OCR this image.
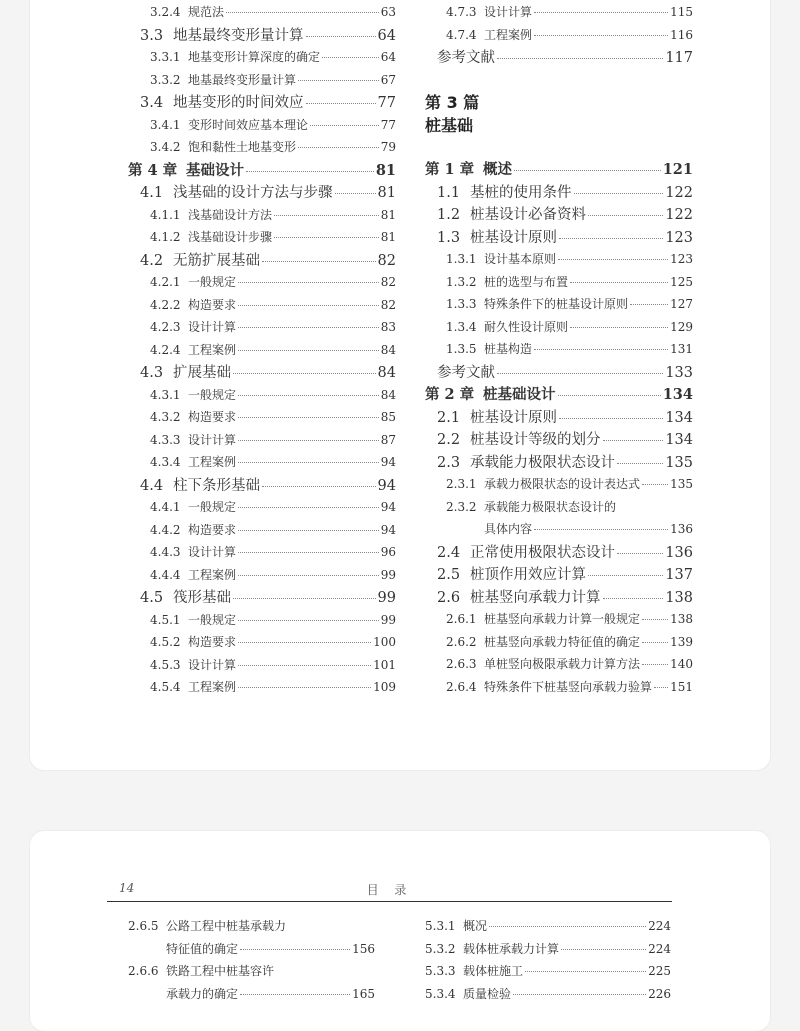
3.2.4 规范法	63
3.3 地基最终变形量计算	64
3.3.1 地基变形计算深度的确定	64
3.3.2 地基最终变形量计算	67
3.4 地基变形的时间效应	77
3.4.1 变形时间效应基本理论	77
3.4.2 饱和黏性土地基变形	79
第 4 章 基础设计	81
4.1 浅基础的设计方法与步骤	81
4.1.1 浅基础设计方法	81
4.1.2 浅基础设计步骤	81
4.2 无筋扩展基础	82
4.2.1 一般规定	82
4.2.2 构造要求	82
4.2.3 设计计算	83
4.2.4 工程案例	84
4.3 扩展基础	84
4.3.1 一般规定	84
4.3.2 构造要求	85
4.3.3 设计计算	87
4.3.4 工程案例	94
4.4 柱下条形基础	94
4.4.1 一般规定	94
4.4.2 构造要求	94
4.4.3 设计计算	96
4.4.4 工程案例	99
4.5 筏形基础	99
4.5.1 一般规定	99
4.5.2 构造要求	100
4.5.3 设计计算	101
4.5.4 工程案例	109
4.7.3 设计计算	115
4.7.4 工程案例	116
参考文献	117
第 3 篇
桩基础
第 1 章 概述	121
1.1 基桩的使用条件	122
1.2 桩基设计必备资料	122
1.3 桩基设计原则	123
1.3.1 设计基本原则	123
1.3.2 桩的选型与布置	125
1.3.3 特殊条件下的桩基设计原则	127
1.3.4 耐久性设计原则	129
1.3.5 桩基构造	131
参考文献	133
第 2 章 桩基础设计	134
2.1 桩基设计原则	134
2.2 桩基设计等级的划分	134
2.3 承载能力极限状态设计	135
2.3.1 承载力极限状态的设计表达式	135
2.3.2 承载能力极限状态设计的
具体内容	136
2.4 正常使用极限状态设计	136
2.5 桩顶作用效应计算	137
2.6 桩基竖向承载力计算	138
2.6.1 桩基竖向承载力计算一般规定	138
2.6.2 桩基竖向承载力特征值的确定	139
2.6.3 单桩竖向极限承载力计算方法	140
2.6.4 特殊条件下桩基竖向承载力验算 151
14	目 录
2.6.5 公路工程中桩基承载力
特征值的确定	156
2.6.6 铁路工程中桩基容许
承载力的确定	165
5.3.1 概况	224
5.3.2 载体桩承载力计算	224
5.3.3 载体桩施工	225
5.3.4 质量检验	226
